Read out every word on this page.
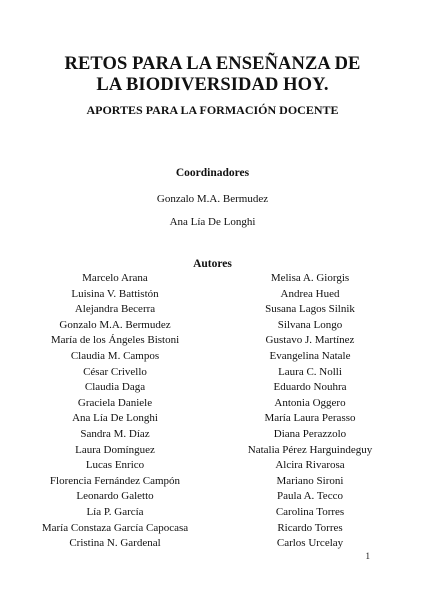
RETOS PARA LA ENSEÑANZA DE
LA BIODIVERSIDAD HOY.
APORTES PARA LA FORMACIÓN DOCENTE
Coordinadores
Gonzalo M.A. Bermudez
Ana Lía De Longhi
Autores
Marcelo Arana
Luisina V. Battistón
Alejandra Becerra
Gonzalo M.A. Bermudez
María de los Ángeles Bistoni
Claudia M. Campos
César Crivello
Claudia Daga
Graciela Daniele
Ana Lía De Longhi
Sandra M. Díaz
Laura Domínguez
Lucas Enrico
Florencia Fernández Campón
Leonardo Galetto
Lía P. García
María Constaza García Capocasa
Cristina N. Gardenal
Melisa A. Giorgis
Andrea Hued
Susana Lagos Silnik
Silvana Longo
Gustavo J. Martínez
Evangelina Natale
Laura C. Nolli
Eduardo Nouhra
Antonia Oggero
María Laura Perasso
Diana Perazzolo
Natalia Pérez Harguindeguy
Alcira Rivarosa
Mariano Sironi
Paula A. Tecco
Carolina Torres
Ricardo Torres
Carlos Urcelay
1
